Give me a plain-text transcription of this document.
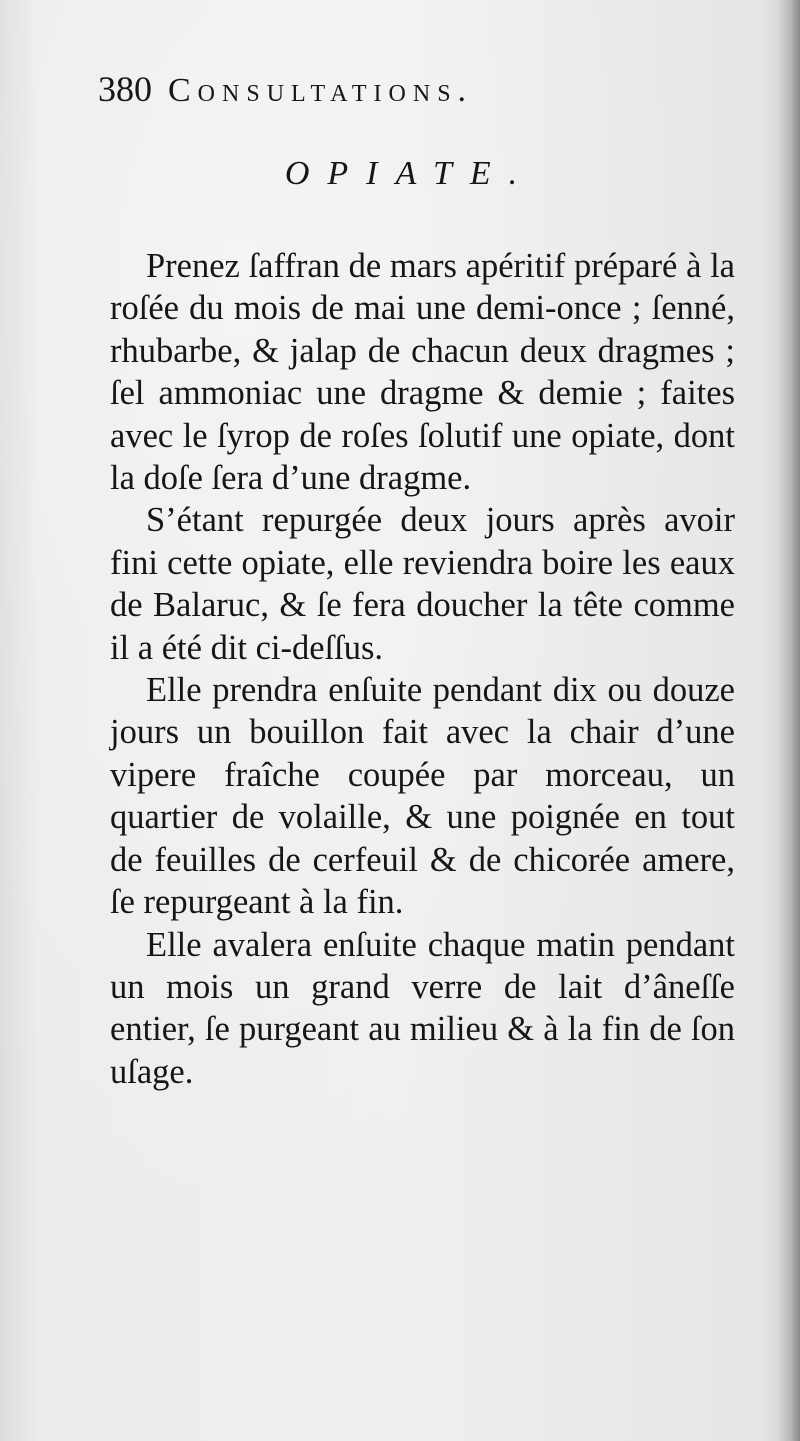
380 Consultations.
OPIATE.

Prenez ſaffran de mars apéritif préparé à la roſée du mois de mai une demi-once ; ſenné, rhubarbe, & jalap de chacun deux dragmes ; ſel ammoniac une dragme & demie ; faites avec le ſyrop de roſes ſolutif une opiate, dont la doſe ſera d’une dragme.

S’étant repurgée deux jours après avoir fini cette opiate, elle reviendra boire les eaux de Balaruc, & ſe fera doucher la tête comme il a été dit ci-deſſus.

Elle prendra enſuite pendant dix ou douze jours un bouillon fait avec la chair d’une vipere fraîche coupée par morceau, un quartier de volaille, & une poignée en tout de feuilles de cerfeuil & de chicorée amere, ſe repurgeant à la fin.

Elle avalera enſuite chaque matin pendant un mois un grand verre de lait d’âneſſe entier, ſe purgeant au milieu & à la fin de ſon uſage.
